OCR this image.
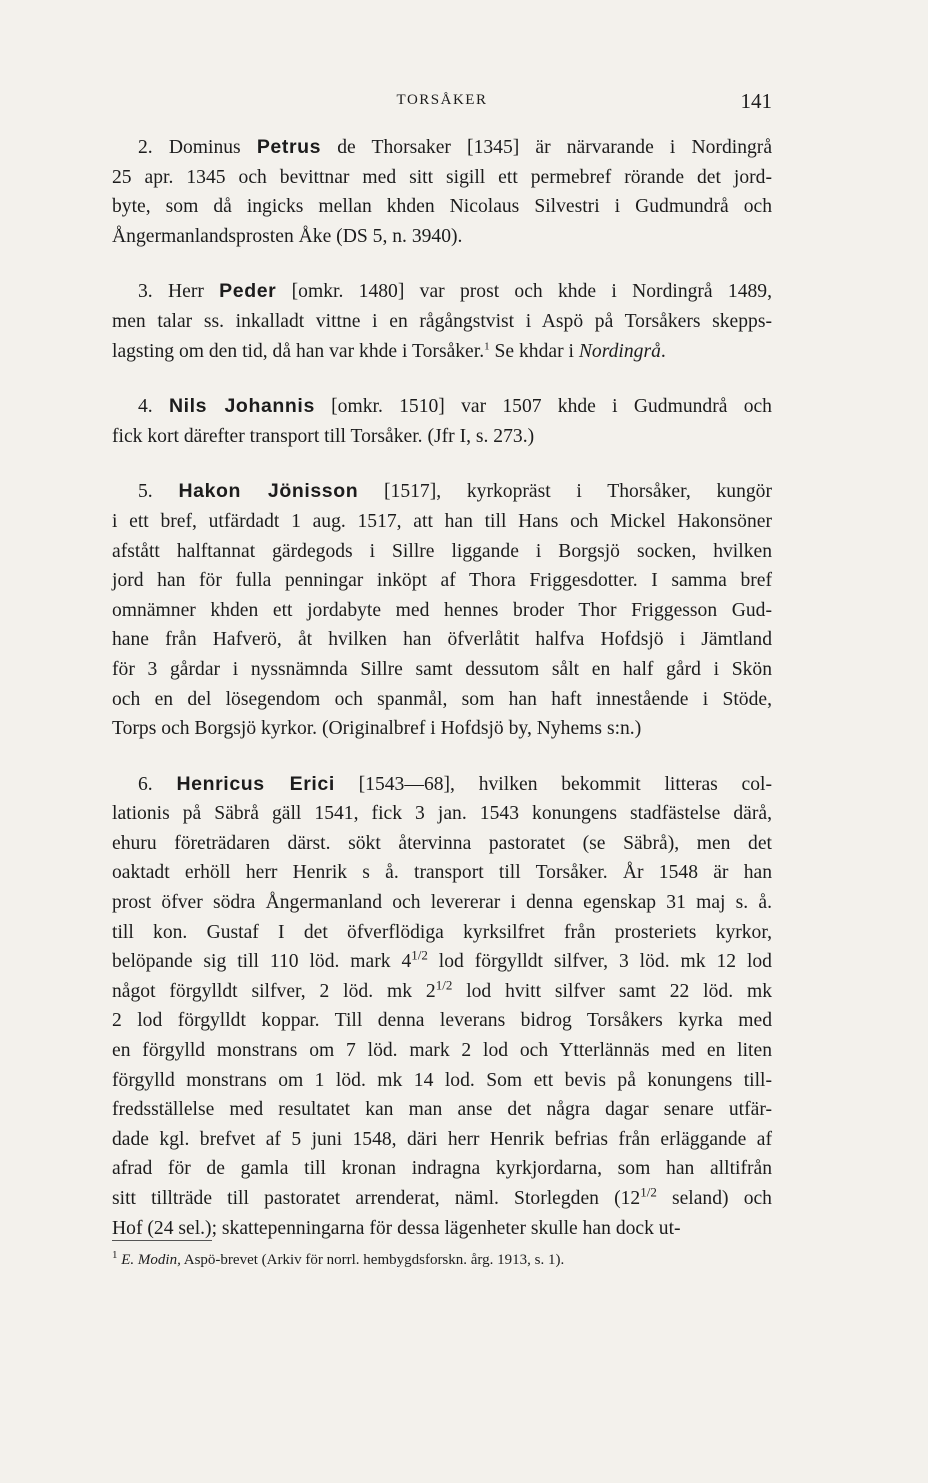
TORSÅKER	141
2. Dominus Petrus de Thorsaker [1345] är närvarande i Nordingrå
25 apr. 1345 och bevittnar med sitt sigill ett permebref rörande det jord-
byte, som då ingicks mellan khden Nicolaus Silvestri i Gudmundrå och
Ångermanlandsprosten Åke (DS 5, n. 3940).
3. Herr Peder [omkr. 1480] var prost och khde i Nordingrå 1489,
men talar ss. inkalladt vittne i en rågångstvist i Aspö på Torsåkers skepps-
lagsting om den tid, då han var khde i Torsåker.$^1$ Se khdar i Nordingrå.
4. Nils Johannis [omkr. 1510] var 1507 khde i Gudmundrå och
fick kort därefter transport till Torsåker. (Jfr I, s. 273.)
5. Hakon Jönisson [1517], kyrkopräst i Thorsåker, kungör
i ett bref, utfärdadt 1 aug. 1517, att han till Hans och Mickel Hakonsöner
afstått halftannat gärdegods i Sillre liggande i Borgsjö socken, hvilken
jord han för fulla penningar inköpt af Thora Friggesdotter. I samma bref
omnämner khden ett jordabyte med hennes broder Thor Friggesson Gud-
hane från Hafverö, åt hvilken han öfverlåtit halfva Hofdsjö i Jämtland
för 3 gårdar i nyssnämnda Sillre samt dessutom sålt en half gård i Skön
och en del lösegendom och spanmål, som han haft innestående i Stöde,
Torps och Borgsjö kyrkor. (Originalbref i Hofdsjö by, Nyhems s:n.)
6. Henricus Erici [1543—68], hvilken bekommit litteras col-
lationis på Säbrå gäll 1541, fick 3 jan. 1543 konungens stadfästelse därå,
ehuru företrädaren därst. sökt återvinna pastoratet (se Säbrå), men det
oaktadt erhöll herr Henrik s å. transport till Torsåker. År 1548 är han
prost öfver södra Ångermanland och levererar i denna egenskap 31 maj s. å.
till kon. Gustaf I det öfverflödiga kyrksilfret från prosteriets kyrkor,
belöpande sig till 110 löd. mark $4^{1/2}$ lod förgylldt silfver, 3 löd. mk 12 lod
något förgylldt silfver, 2 löd. mk $2^{1/2}$ lod hvitt silfver samt 22 löd. mk
2 lod förgylldt koppar. Till denna leverans bidrog Torsåkers kyrka med
en förgylld monstrans om 7 löd. mark 2 lod och Ytterlännäs med en liten
förgylld monstrans om 1 löd. mk 14 lod. Som ett bevis på konungens till-
fredsställelse med resultatet kan man anse det några dagar senare utfär-
dade kgl. brefvet af 5 juni 1548, däri herr Henrik befrias från erläggande af
afrad för de gamla till kronan indragna kyrkjordarna, som han alltifrån
sitt tillträde till pastoratet arrenderat, näml. Storlegden ($12^{1/2}$ seland) och
Hof (24 sel.); skattepenningarna för dessa lägenheter skulle han dock ut-
$^1$ E. Modin, Aspö-brevet (Arkiv för norrl. hembygdsforskn. årg. 1913, s. 1).
